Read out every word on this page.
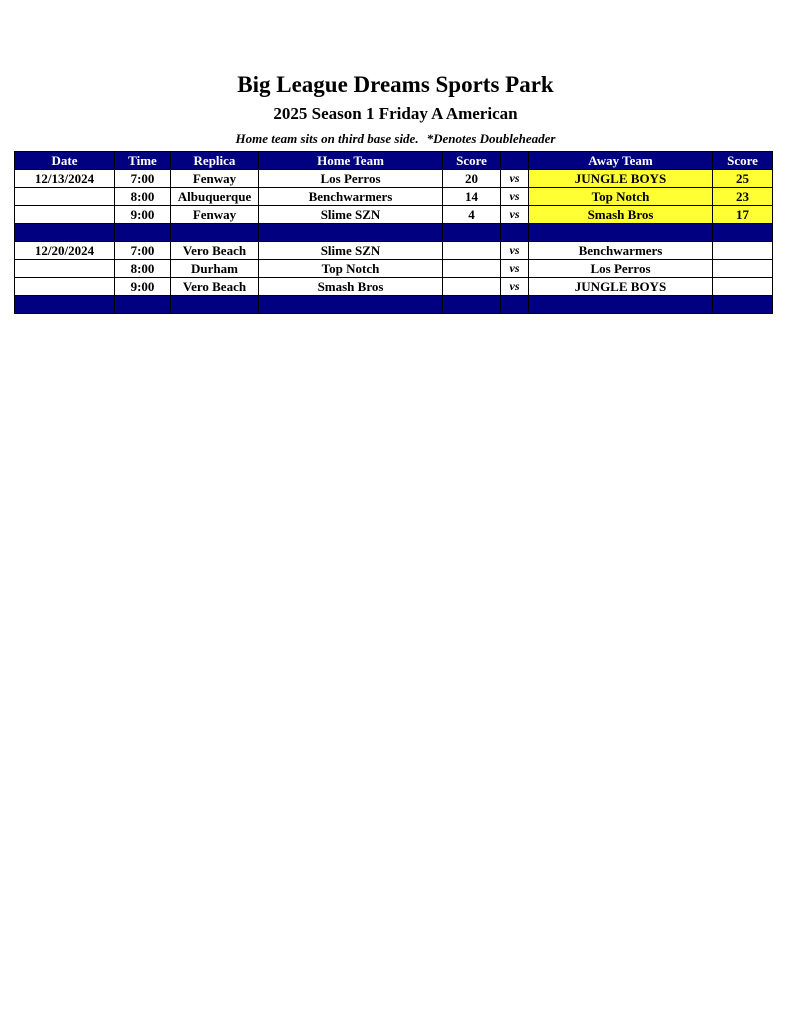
Big League Dreams Sports Park
2025 Season 1 Friday A American
Home team sits on third base side. *Denotes Doubleheader
Date	Time	Replica	Home Team	Score		Away Team	Score
12/13/2024	7:00	Fenway	Los Perros	20	vs	JUNGLE BOYS	25
	8:00	Albuquerque	Benchwarmers	14	vs	Top Notch	23
	9:00	Fenway	Slime SZN	4	vs	Smash Bros	17

12/20/2024	7:00	Vero Beach	Slime SZN		vs	Benchwarmers	
	8:00	Durham	Top Notch		vs	Los Perros	
	9:00	Vero Beach	Smash Bros		vs	JUNGLE BOYS	
